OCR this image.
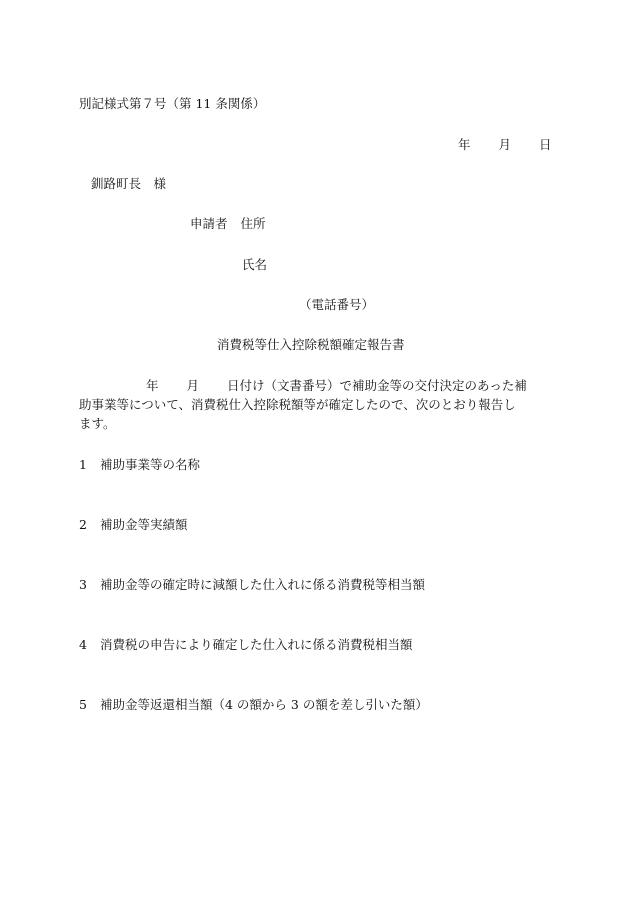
別記様式第７号（第 11 条関係）
年 月 日
釧路町長　様
申請者 住所
氏名
（電話番号）
消費税等仕入控除税額確定報告書
年 月 日付け（文書番号）で補助金等の交付決定のあった補
助事業等について、消費税仕入控除税額等が確定したので、次のとおり報告し
ます。
1 補助事業等の名称
2 補助金等実績額
3 補助金等の確定時に減額した仕入れに係る消費税等相当額
4 消費税の申告により確定した仕入れに係る消費税相当額
5 補助金等返還相当額（4 の額から 3 の額を差し引いた額）
